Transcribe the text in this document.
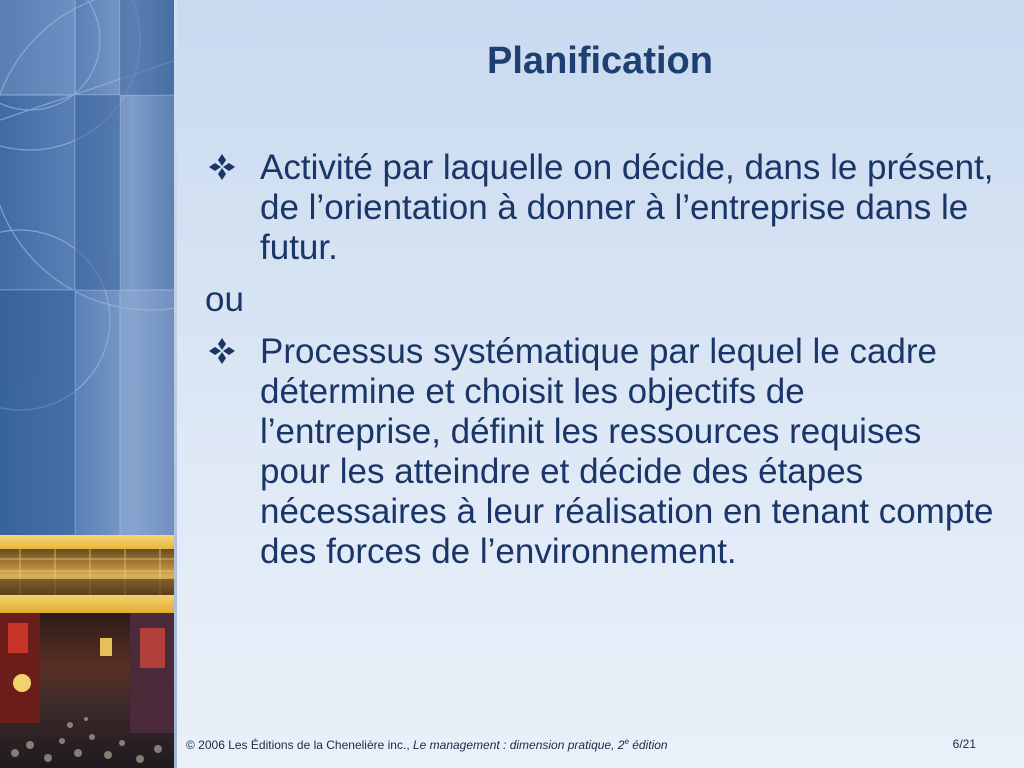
Planification

Activité par laquelle on décide, dans le présent, de l’orientation à donner à l’entreprise dans le futur.

ou

Processus systématique par lequel le cadre détermine et choisit les objectifs de l’entreprise, définit les ressources requises pour les atteindre et décide des étapes nécessaires à leur réalisation en tenant compte des forces de l’environnement.

© 2006 Les Éditions de la Chenelière inc., Le management : dimension pratique, 2e édition	6/21
